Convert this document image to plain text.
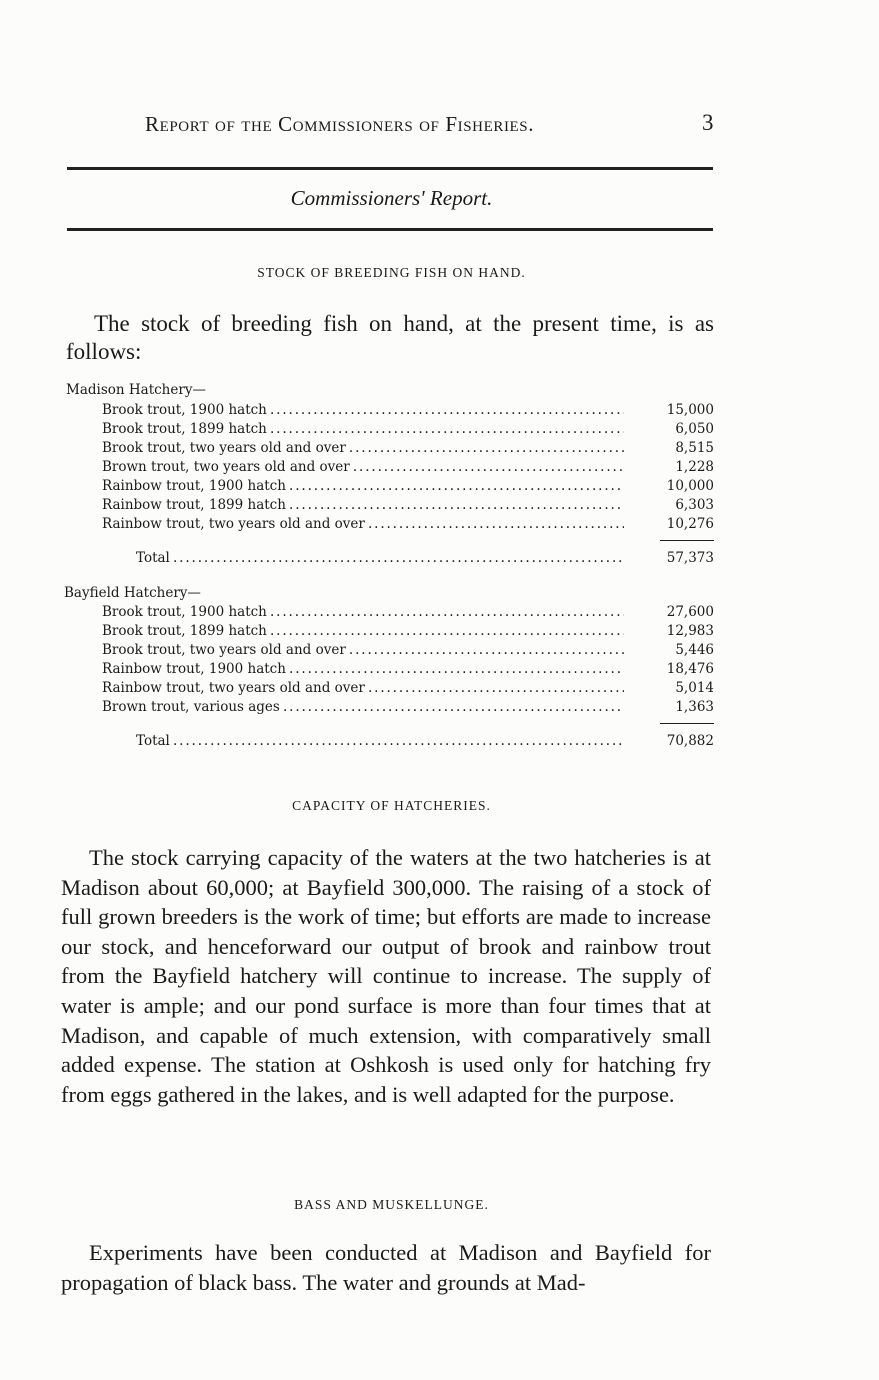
Report of the Commissioners of Fisheries.	3
Commissioners' Report.
STOCK OF BREEDING FISH ON HAND.

The stock of breeding fish on hand, at the present time, is as follows:

Madison Hatchery—
Brook trout, 1900 hatch . . .	15,000
Brook trout, 1899 hatch . . .	6,050
Brook trout, two years old and over . . .	8,515
Brown trout, two years old and over . . .	1,228
Rainbow trout, 1900 hatch . . .	10,000
Rainbow trout, 1899 hatch . . .	6,303
Rainbow trout, two years old and over . . .	10,276
Total . . .	57,373
Bayfield Hatchery—
Brook trout, 1900 hatch . . .	27,600
Brook trout, 1899 hatch . . .	12,983
Brook trout, two years old and over . . .	5,446
Rainbow trout, 1900 hatch . . .	18,476
Rainbow trout, two years old and over . . .	5,014
Brown trout, various ages . . .	1,363
Total . . .	70,882
CAPACITY OF HATCHERIES.

The stock carrying capacity of the waters at the two hatcheries is at Madison about 60,000; at Bayfield 300,000. The raising of a stock of full grown breeders is the work of time; but efforts are made to increase our stock, and henceforward our output of brook and rainbow trout from the Bayfield hatchery will continue to increase. The supply of water is ample; and our pond surface is more than four times that at Madison, and capable of much extension, with comparatively small added expense. The station at Oshkosh is used only for hatching fry from eggs gathered in the lakes, and is well adapted for the purpose.

BASS AND MUSKELLUNGE.

Experiments have been conducted at Madison and Bayfield for propagation of black bass. The water and grounds at Mad-
